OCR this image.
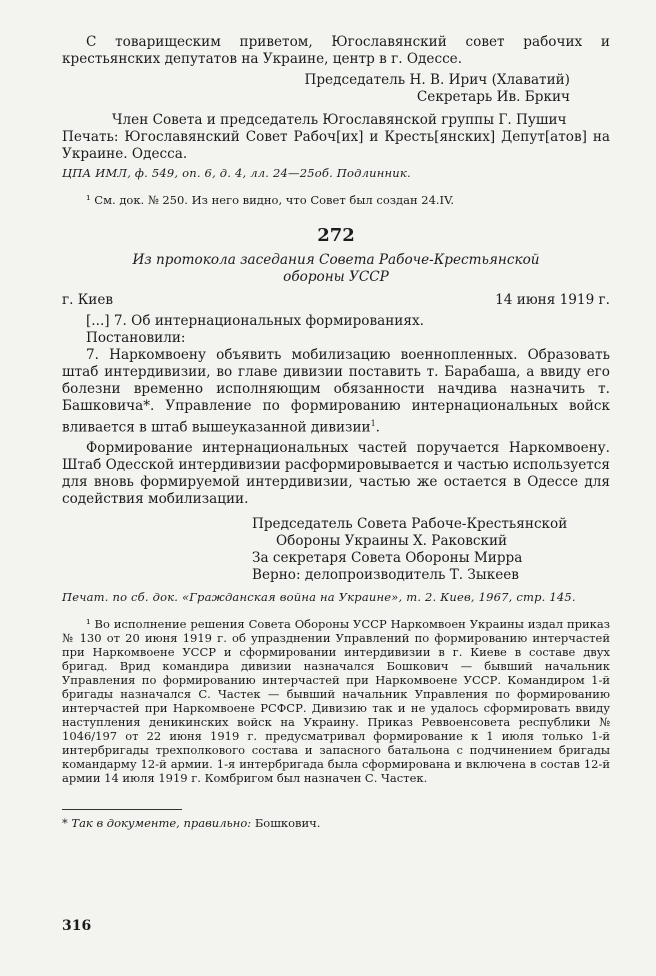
С товарищеским приветом, Югославянский совет рабочих и крестьянских депутатов на Украине, центр в г. Одессе.

Председатель Н. В. Ирич (Хлаватий)

Секретарь Ив. Бркич

Член Совета и председатель Югославянской группы Г. Пушич

Печать: Югославянский Совет Рабоч[их] и Кресть[янских] Депут[атов] на Украине. Одесса.

ЦПА ИМЛ, ф. 549, оп. 6, д. 4, лл. 24—25об. Подлинник.

¹ См. док. № 250. Из него видно, что Совет был создан 24.IV.

272
Из протокола заседания Совета Рабоче-Крестьянской обороны УССР
г. Киев	14 июня 1919 г.

[...] 7. Об интернациональных формированиях.

Постановили:

7. Наркомвоену объявить мобилизацию военнопленных. Образовать штаб интердивизии, во главе дивизии поставить т. Барабаша, а ввиду его болезни временно исполняющим обязанности начдива назначить т. Башковича*. Управление по формированию интернациональных войск вливается в штаб вышеуказанной дивизии$^1$.

Формирование интернациональных частей поручается Наркомвоену. Штаб Одесской интердивизии расформировывается и частью используется для вновь формируемой интердивизии, частью же остается в Одессе для содействия мобилизации.

Председатель Совета Рабоче-Крестьянской
Обороны Украины Х. Раковский
За секретаря Совета Обороны Мирра
Верно: делопроизводитель Т. Зыкеев

Печат. по сб. док. «Гражданская война на Украине», т. 2. Киев, 1967, стр. 145.

¹ Во исполнение решения Совета Обороны УССР Наркомвоен Украины издал приказ № 130 от 20 июня 1919 г. об упразднении Управлений по формированию интерчастей при Наркомвоене УССР и сформировании интердивизии в г. Киеве в составе двух бригад. Врид командира дивизии назначался Бошкович — бывший начальник Управления по формированию интерчастей при Наркомвоене УССР. Командиром 1-й бригады назначался С. Частек — бывший начальник Управления по формированию интерчастей при Наркомвоене РСФСР. Дивизию так и не удалось сформировать ввиду наступления деникинских войск на Украину. Приказ Реввоенсовета республики № 1046/197 от 22 июня 1919 г. предусматривал формирование к 1 июля только 1-й интербригады трехполкового состава и запасного батальона с подчинением бригады командарму 12-й армии. 1-я интербригада была сформирована и включена в состав 12-й армии 14 июля 1919 г. Комбригом был назначен С. Частек.

* Так в документе, правильно: Бошкович.

316
